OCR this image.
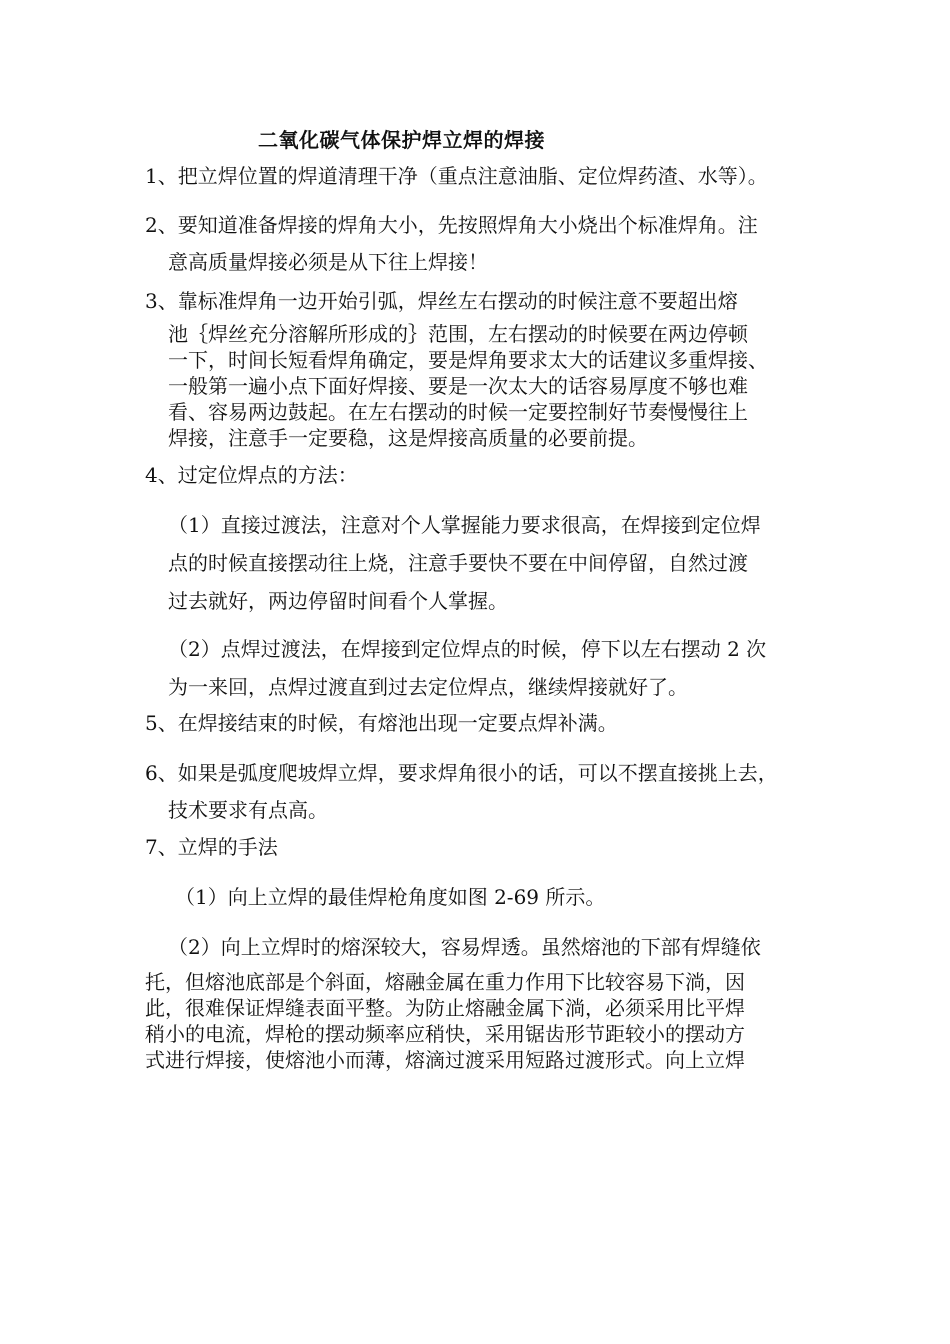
二氧化碳气体保护焊立焊的焊接
1、把立焊位置的焊道清理干净（重点注意油脂、定位焊药渣、水等）。
2、要知道准备焊接的焊角大小，先按照焊角大小烧出个标准焊角。注
意高质量焊接必须是从下往上焊接！
3、靠标准焊角一边开始引弧，焊丝左右摆动的时候注意不要超出熔
池｛焊丝充分溶解所形成的｝范围，左右摆动的时候要在两边停顿
一下，时间长短看焊角确定，要是焊角要求太大的话建议多重焊接、
一般第一遍小点下面好焊接、要是一次太大的话容易厚度不够也难
看、容易两边鼓起。在左右摆动的时候一定要控制好节奏慢慢往上
焊接，注意手一定要稳，这是焊接高质量的必要前提。
4、过定位焊点的方法：
（1）直接过渡法，注意对个人掌握能力要求很高，在焊接到定位焊
点的时候直接摆动往上烧，注意手要快不要在中间停留，自然过渡
过去就好，两边停留时间看个人掌握。
（2）点焊过渡法，在焊接到定位焊点的时候，停下以左右摆动 2 次
为一来回，点焊过渡直到过去定位焊点，继续焊接就好了。
5、在焊接结束的时候，有熔池出现一定要点焊补满。
6、如果是弧度爬坡焊立焊，要求焊角很小的话，可以不摆直接挑上去，
技术要求有点高。
7、立焊的手法
（1）向上立焊的最佳焊枪角度如图 2-69 所示。
（2）向上立焊时的熔深较大，容易焊透。虽然熔池的下部有焊缝依
托，但熔池底部是个斜面，熔融金属在重力作用下比较容易下淌，因
此，很难保证焊缝表面平整。为防止熔融金属下淌，必须采用比平焊
稍小的电流，焊枪的摆动频率应稍快，采用锯齿形节距较小的摆动方
式进行焊接，使熔池小而薄，熔滴过渡采用短路过渡形式。向上立焊
